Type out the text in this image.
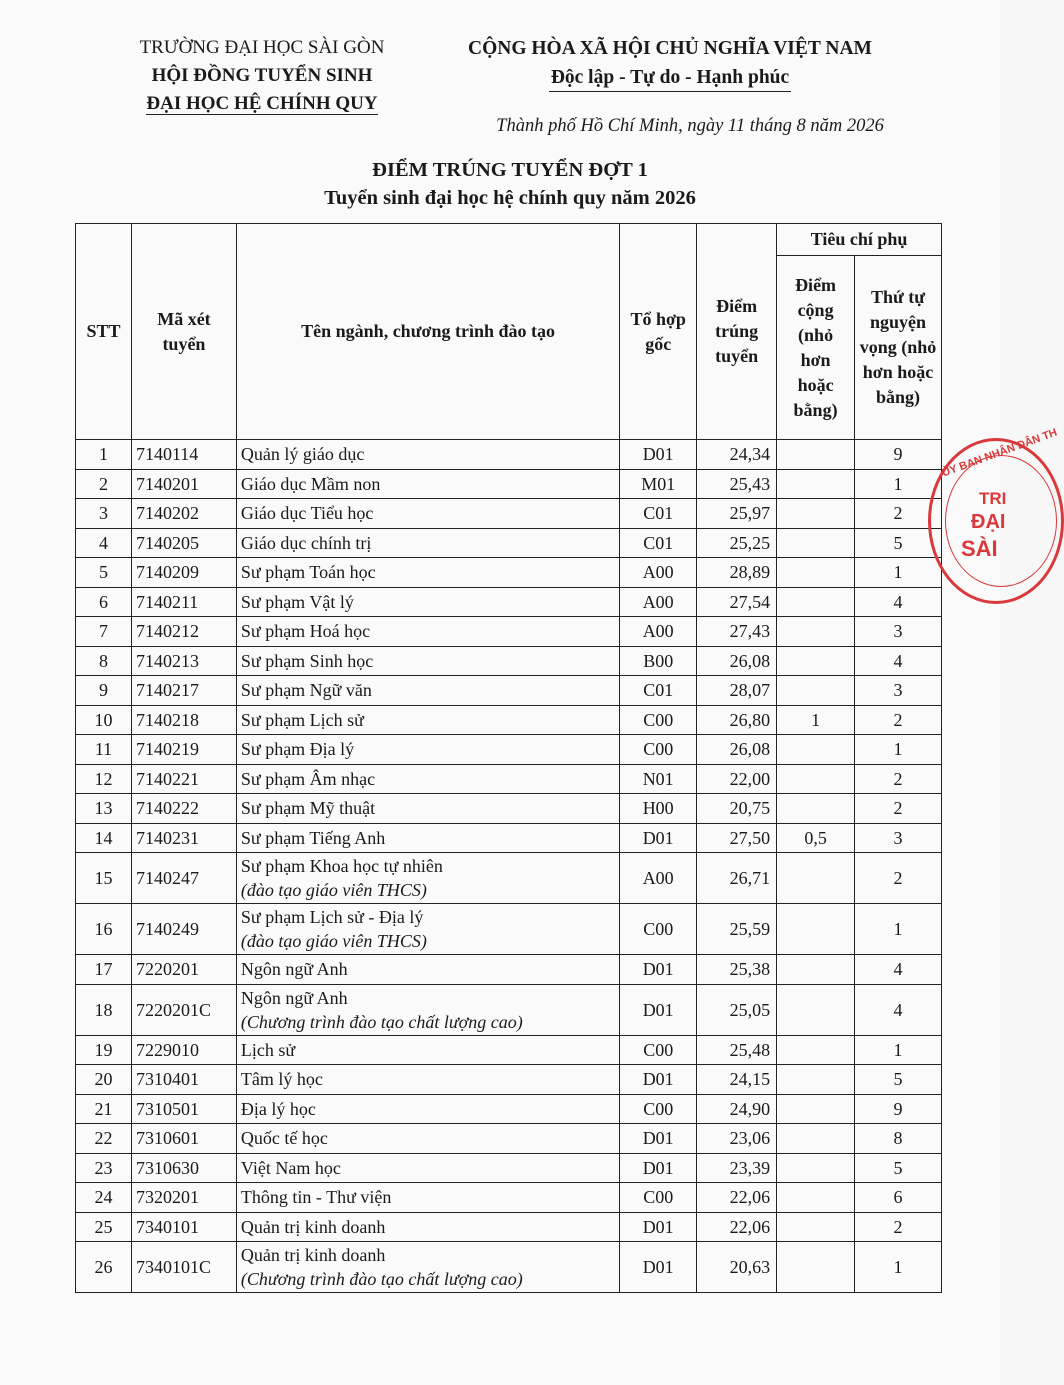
TRƯỜNG ĐẠI HỌC SÀI GÒN
HỘI ĐỒNG TUYỂN SINH
ĐẠI HỌC HỆ CHÍNH QUY
CỘNG HÒA XÃ HỘI CHỦ NGHĨA VIỆT NAM
Độc lập - Tự do - Hạnh phúc
Thành phố Hồ Chí Minh, ngày 11 tháng 8 năm 2026
ĐIỂM TRÚNG TUYỂN ĐỢT 1
Tuyển sinh đại học hệ chính quy năm 2026
STT	Mã xét tuyển	Tên ngành, chương trình đào tạo	Tổ hợp gốc	Điểm trúng tuyển	Tiêu chí phụ	
					Điểm cộng (nhỏ hơn hoặc bằng)	Thứ tự nguyện vọng (nhỏ hơn hoặc bằng)
1	7140114	Quản lý giáo dục	D01	24,34		9
2	7140201	Giáo dục Mầm non	M01	25,43		1
3	7140202	Giáo dục Tiểu học	C01	25,97		2
4	7140205	Giáo dục chính trị	C01	25,25		5
5	7140209	Sư phạm Toán học	A00	28,89		1
6	7140211	Sư phạm Vật lý	A00	27,54		4
7	7140212	Sư phạm Hoá học	A00	27,43		3
8	7140213	Sư phạm Sinh học	B00	26,08		4
9	7140217	Sư phạm Ngữ văn	C01	28,07		3
10	7140218	Sư phạm Lịch sử	C00	26,80	1	2
11	7140219	Sư phạm Địa lý	C00	26,08		1
12	7140221	Sư phạm Âm nhạc	N01	22,00		2
13	7140222	Sư phạm Mỹ thuật	H00	20,75		2
14	7140231	Sư phạm Tiếng Anh	D01	27,50	0,5	3
15	7140247	Sư phạm Khoa học tự nhiên
(đào tạo giáo viên THCS)	A00	26,71		2
16	7140249	Sư phạm Lịch sử - Địa lý
(đào tạo giáo viên THCS)	C00	25,59		1
17	7220201	Ngôn ngữ Anh	D01	25,38		4
18	7220201C	Ngôn ngữ Anh
(Chương trình đào tạo chất lượng cao)	D01	25,05		4
19	7229010	Lịch sử	C00	25,48		1
20	7310401	Tâm lý học	D01	24,15		5
21	7310501	Địa lý học	C00	24,90		9
22	7310601	Quốc tế học	D01	23,06		8
23	7310630	Việt Nam học	D01	23,39		5
24	7320201	Thông tin - Thư viện	C00	22,06		6
25	7340101	Quản trị kinh doanh	D01	22,06		2
26	7340101C	Quản trị kinh doanh
(Chương trình đào tạo chất lượng cao)	D01	20,63		1
ỦY BAN NHÂN DÂN TH
TRI
ĐẠI
SÀI
